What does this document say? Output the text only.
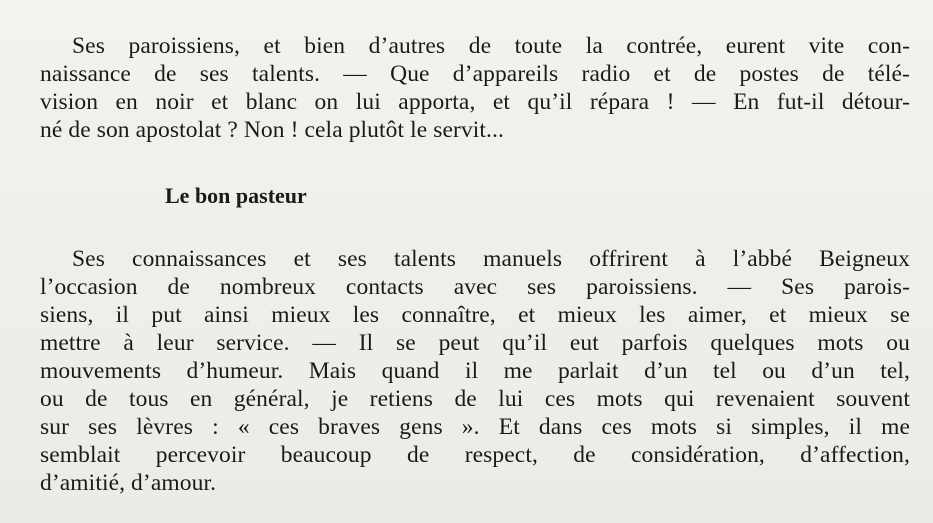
Ses paroissiens, et bien d’autres de toute la contrée, eurent vite con-
naissance de ses talents. — Que d’appareils radio et de postes de télé-
vision en noir et blanc on lui apporta, et qu’il répara ! — En fut-il détour-
né de son apostolat ? Non ! cela plutôt le servit...
Le bon pasteur
Ses connaissances et ses talents manuels offrirent à l’abbé Beigneux
l’occasion de nombreux contacts avec ses paroissiens. — Ses parois-
siens, il put ainsi mieux les connaître, et mieux les aimer, et mieux se
mettre à leur service. — Il se peut qu’il eut parfois quelques mots ou
mouvements d’humeur. Mais quand il me parlait d’un tel ou d’un tel,
ou de tous en général, je retiens de lui ces mots qui revenaient souvent
sur ses lèvres : « ces braves gens ». Et dans ces mots si simples, il me
semblait percevoir beaucoup de respect, de considération, d’affection,
d’amitié, d’amour.
